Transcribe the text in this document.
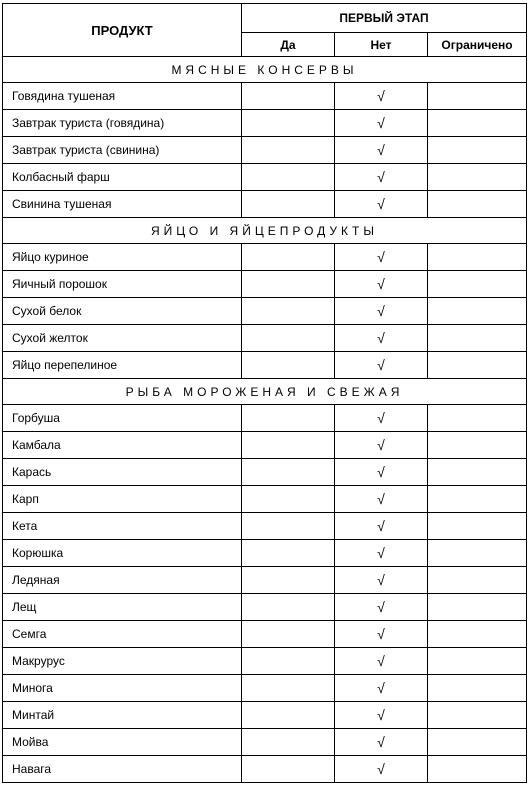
ПРОДУКТ	ПЕРВЫЙ ЭТАП		
	Да	Нет	Ограничено
МЯСНЫЕ КОНСЕРВЫ			
Говядина тушеная		√	
Завтрак туриста (говядина)		√	
Завтрак туриста (свинина)		√	
Колбасный фарш		√	
Свинина тушеная		√	
ЯЙЦО И ЯЙЦЕПРОДУКТЫ			
Яйцо куриное		√	
Яичный порошок		√	
Сухой белок		√	
Сухой желток		√	
Яйцо перепелиное		√	
РЫБА МОРОЖЕНАЯ И СВЕЖАЯ			
Горбуша		√	
Камбала		√	
Карась		√	
Карп		√	
Кета		√	
Корюшка		√	
Ледяная		√	
Лещ		√	
Семга		√	
Макрурус		√	
Минога		√	
Минтай		√	
Мойва		√	
Навага		√	
